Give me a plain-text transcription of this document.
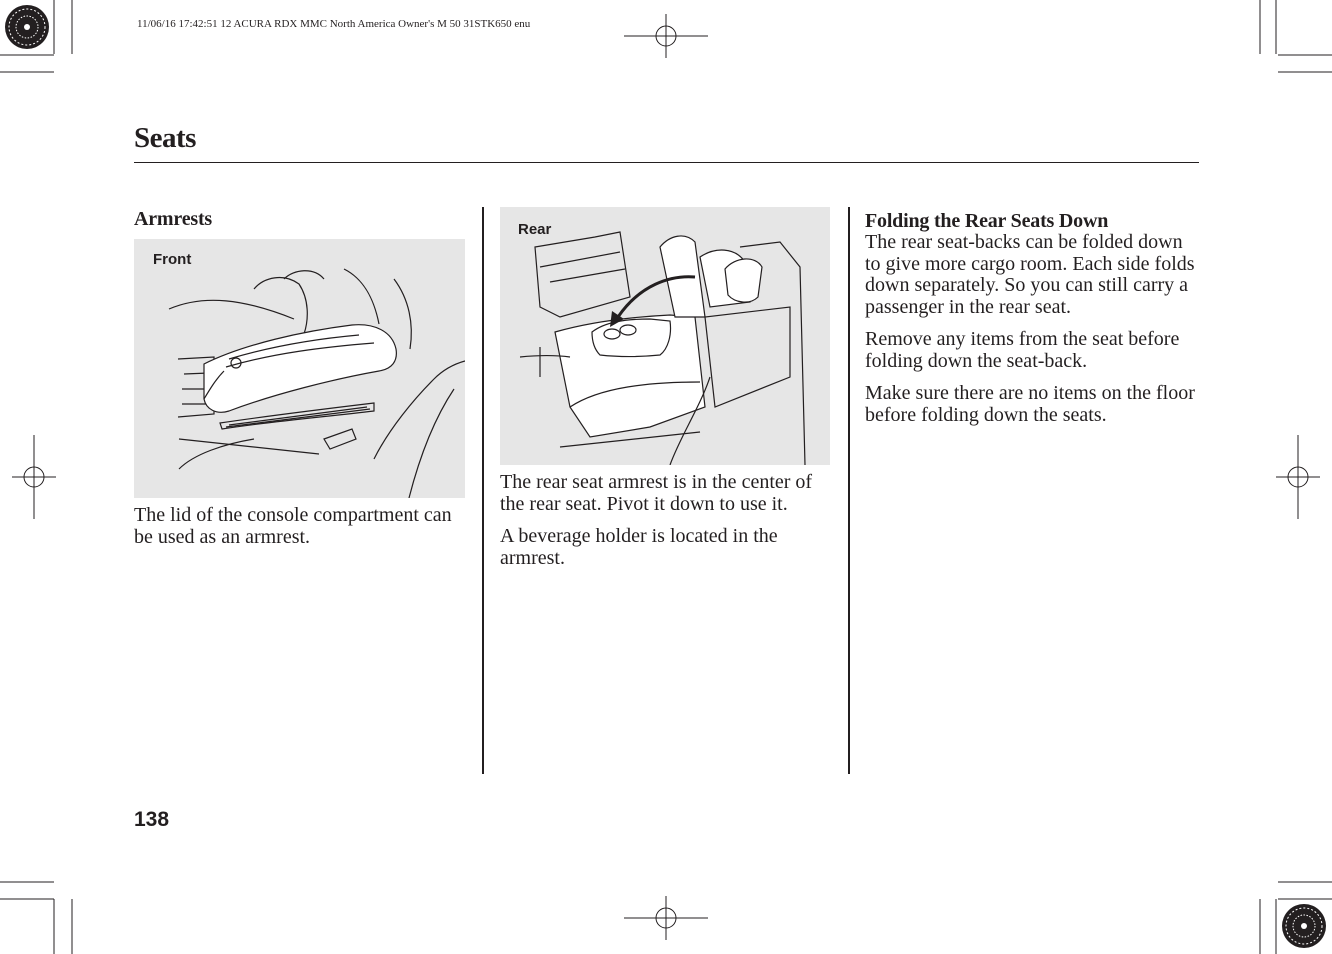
11/06/16 17:42:51 12 ACURA RDX MMC North America Owner's M 50 31STK650 enu
Seats
Armrests
Front
The lid of the console compartment can be used as an armrest.
Rear

The rear seat armrest is in the center of the rear seat. Pivot it down to use it.

A beverage holder is located in the armrest.

Folding the Rear Seats Down

The rear seat-backs can be folded down to give more cargo room. Each side folds down separately. So you can still carry a passenger in the rear seat.

Remove any items from the seat before folding down the seat-back.

Make sure there are no items on the floor before folding down the seats.

138
